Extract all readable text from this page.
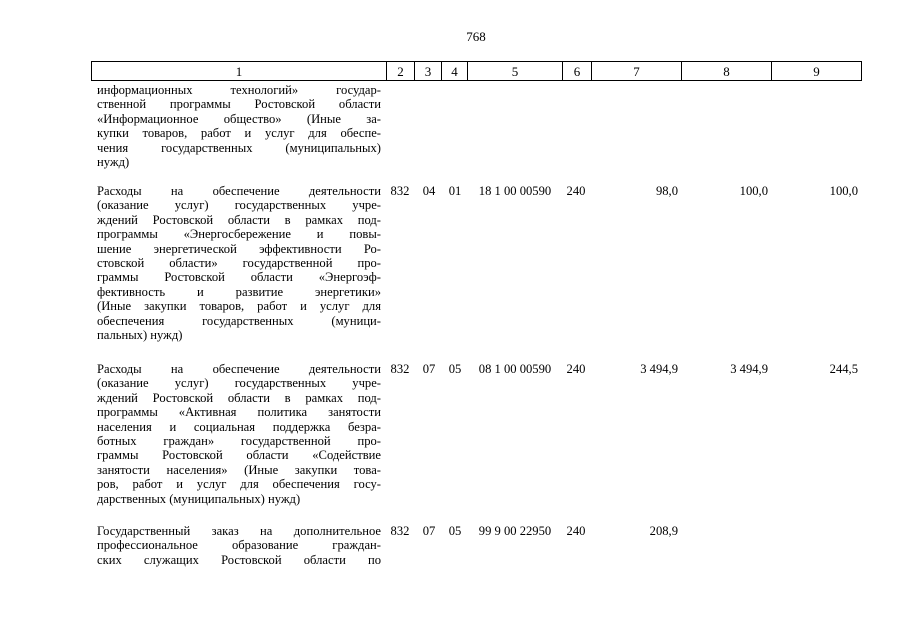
768
1	2	3	4	5	6	7	8	9
информационных технологий» государ-
ственной программы Ростовской области
«Информационное общество» (Иные за-
купки товаров, работ и услуг для обеспе-
чения государственных (муниципальных)
нужд)
Расходы на обеспечение деятельности
(оказание услуг) государственных учре-
ждений Ростовской области в рамках под-
программы «Энергосбережение и повы-
шение энергетической эффективности Ро-
стовской области» государственной про-
граммы Ростовской области «Энергоэф-
фективность и развитие энергетики»
(Иные закупки товаров, работ и услуг для
обеспечения государственных (муници-
пальных) нужд)
832	04	01	18 1 00 00590	240	98,0	100,0	100,0
Расходы на обеспечение деятельности
(оказание услуг) государственных учре-
ждений Ростовской области в рамках под-
программы «Активная политика занятости
населения и социальная поддержка безра-
ботных граждан» государственной про-
граммы Ростовской области «Содействие
занятости населения» (Иные закупки това-
ров, работ и услуг для обеспечения госу-
дарственных (муниципальных) нужд)
832	07	05	08 1 00 00590	240	3 494,9	3 494,9	244,5
Государственный заказ на дополнительное
профессиональное образование граждан-
ских служащих Ростовской области по
832	07	05	99 9 00 22950	240	208,9
